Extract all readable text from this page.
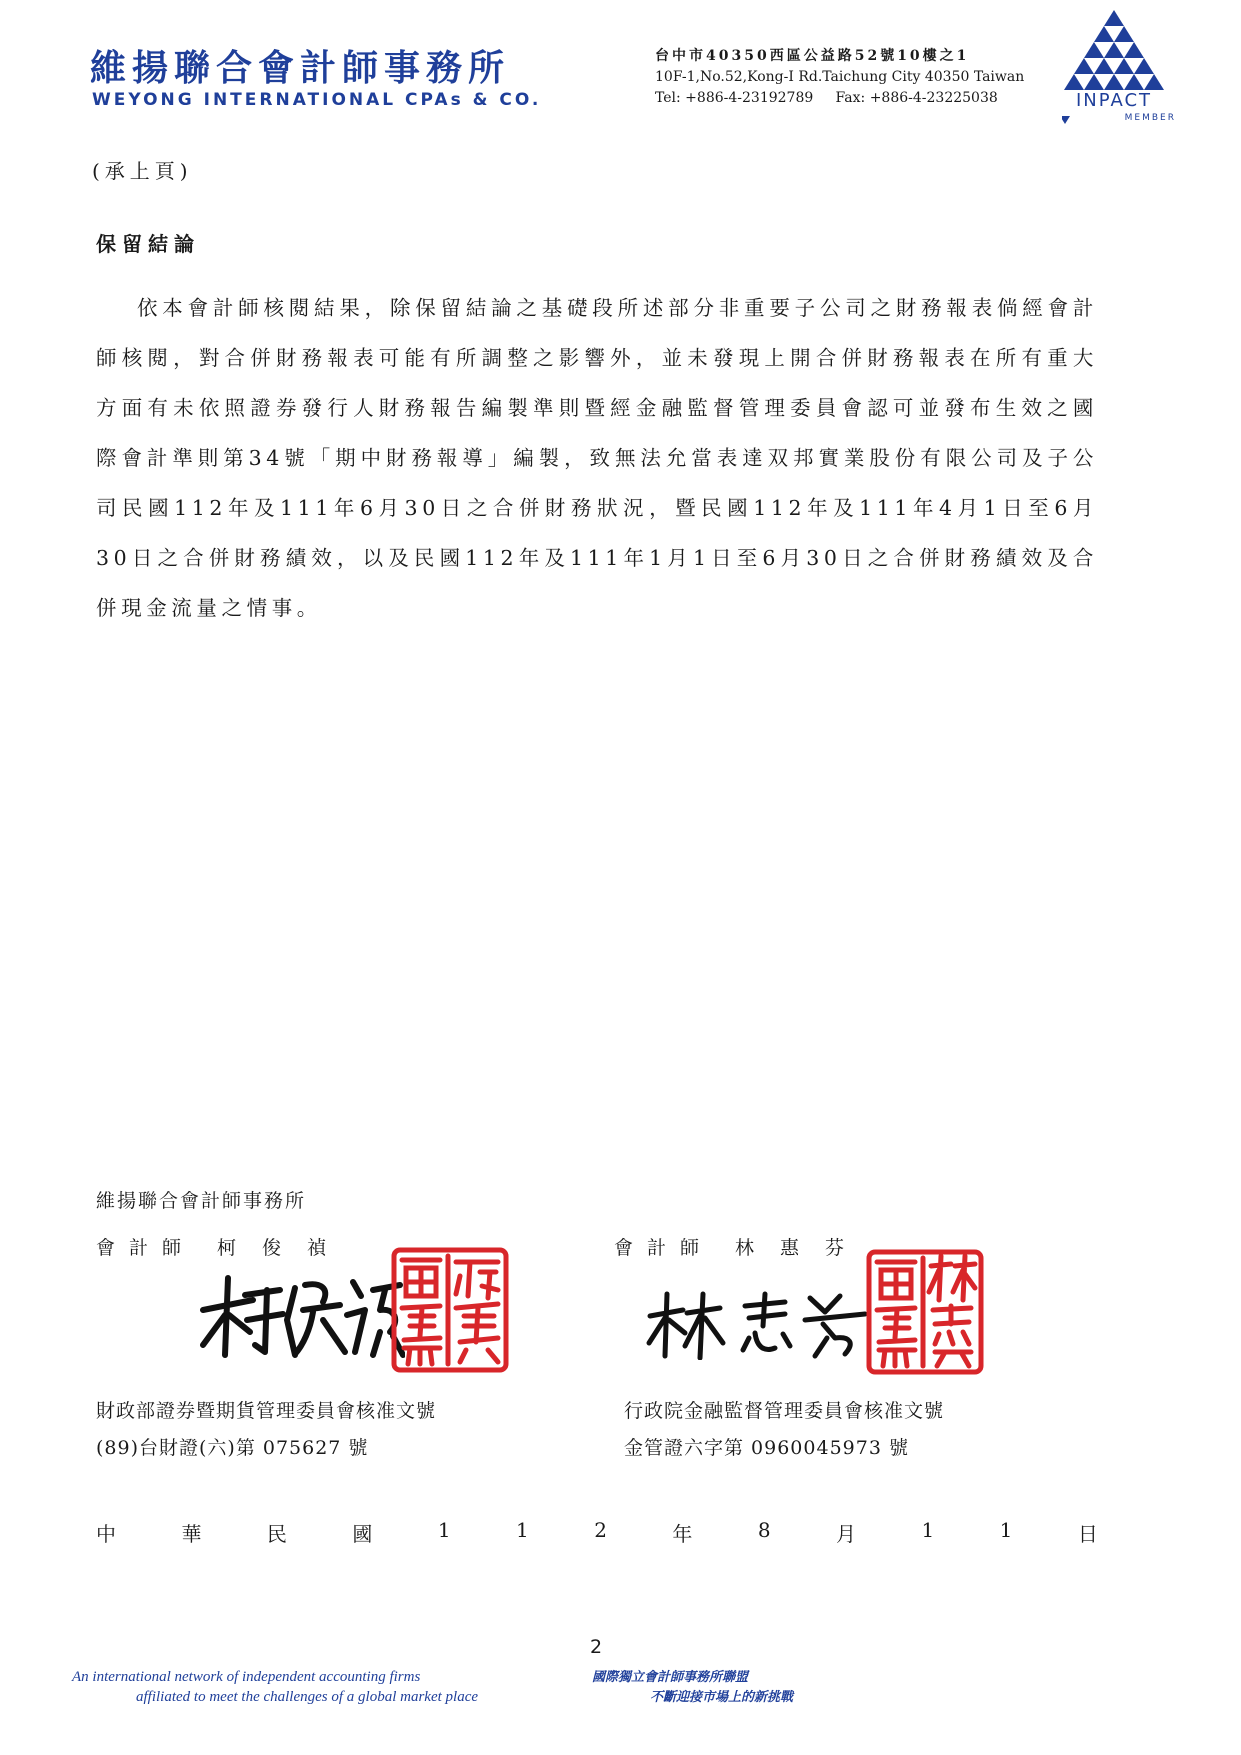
維揚聯合會計師事務所
WEYONG INTERNATIONAL CPAs & CO.
台中市40350西區公益路52號10樓之1
10F-1,No.52,Kong-I Rd.Taichung City 40350 Taiwan
Tel: +886-4-23192789 Fax: +886-4-23225038	INPACT
MEMBER
(承上頁)
保留結論

依本會計師核閱結果，除保留結論之基礎段所述部分非重要子公司之財務報表倘經會計師核閱，對合併財務報表可能有所調整之影響外，並未發現上開合併財務報表在所有重大方面有未依照證券發行人財務報告編製準則暨經金融監督管理委員會認可並發布生效之國際會計準則第34號「期中財務報導」編製，致無法允當表達双邦實業股份有限公司及子公司民國112年及111年6月30日之合併財務狀況，暨民國112年及111年4月1日至6月30日之合併財務績效，以及民國112年及111年1月1日至6月30日之合併財務績效及合併現金流量之情事。

維揚聯合會計師事務所
會計師 柯俊禎	會計師 林惠芬
財政部證券暨期貨管理委員會核准文號
(89)台財證(六)第 075627 號
行政院金融監督管理委員會核准文號
金管證六字第 0960045973 號
中	華	民	國	1	1	2	年	8	月	1	1	日
2
An international network of independent accounting firms
affiliated to meet the challenges of a global market place
國際獨立會計師事務所聯盟
不斷迎接市場上的新挑戰
